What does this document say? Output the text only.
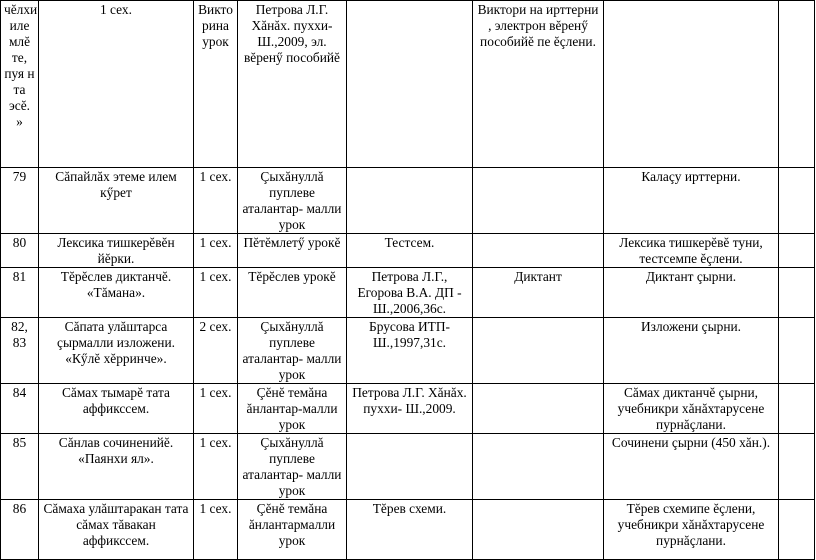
чĕлхи иле млĕ те, пуя н та эсĕ. »	1 сех.	Викто рина урок	Петрова Л.Г. Хăнăх. пуххи- Ш.,2009, эл. вĕренӳ пособийĕ		Виктори на ирттерни , электрон вĕренӳ пособийĕ пе ĕçлени.		
79	Сăпайлăх этеме илем кӳрет	1 сех.	Çыхăнуллă пуплеве аталантар- малли урок			Калаçу ирттерни.	
80	Лексика тишкерĕвĕн йĕрки.	1 сех.	Пĕтĕмлетӳ урокĕ	Тестсем.		Лексика тишкерĕвĕ туни, тестсемпе ĕçлени.	
81	Тĕрĕслев диктанчĕ. «Тăмана».	1 сех.	Тĕрĕслев урокĕ	Петрова Л.Г., Егорова В.А. ДП - Ш.,2006,36с.	Диктант	Диктант çырни.	
82, 83	Сăпата улăштарса çырмалли изложени. «Кӳлĕ хĕрринче».	2 сех.	Çыхăнуллă пуплеве аталантар- малли урок	Брусова ИТП- Ш.,1997,31с.		Изложени çырни.	
84	Сăмах тымарĕ тата аффикссем.	1 сех.	Çĕнĕ темăна ăнлантар-малли урок	Петрова Л.Г. Хăнăх. пуххи- Ш.,2009.		Сăмах диктанчĕ çырни, учебникри хăнăхтарусене пурнăçлани.	
85	Сăнлав сочиненийĕ. «Паянхи ял».	1 сех.	Çыхăнуллă пуплеве аталантар- малли урок			Сочинени çырни (450 хăн.).	
86	Сăмаха улăштаракан тата сăмах тăвакан аффикссем.	1 сех.	Çĕнĕ темăна ăнлантармалли урок	Тĕрев схеми.		Тĕрев схемипе ĕçлени, учебникри хăнăхтарусене пурнăçлани.	
